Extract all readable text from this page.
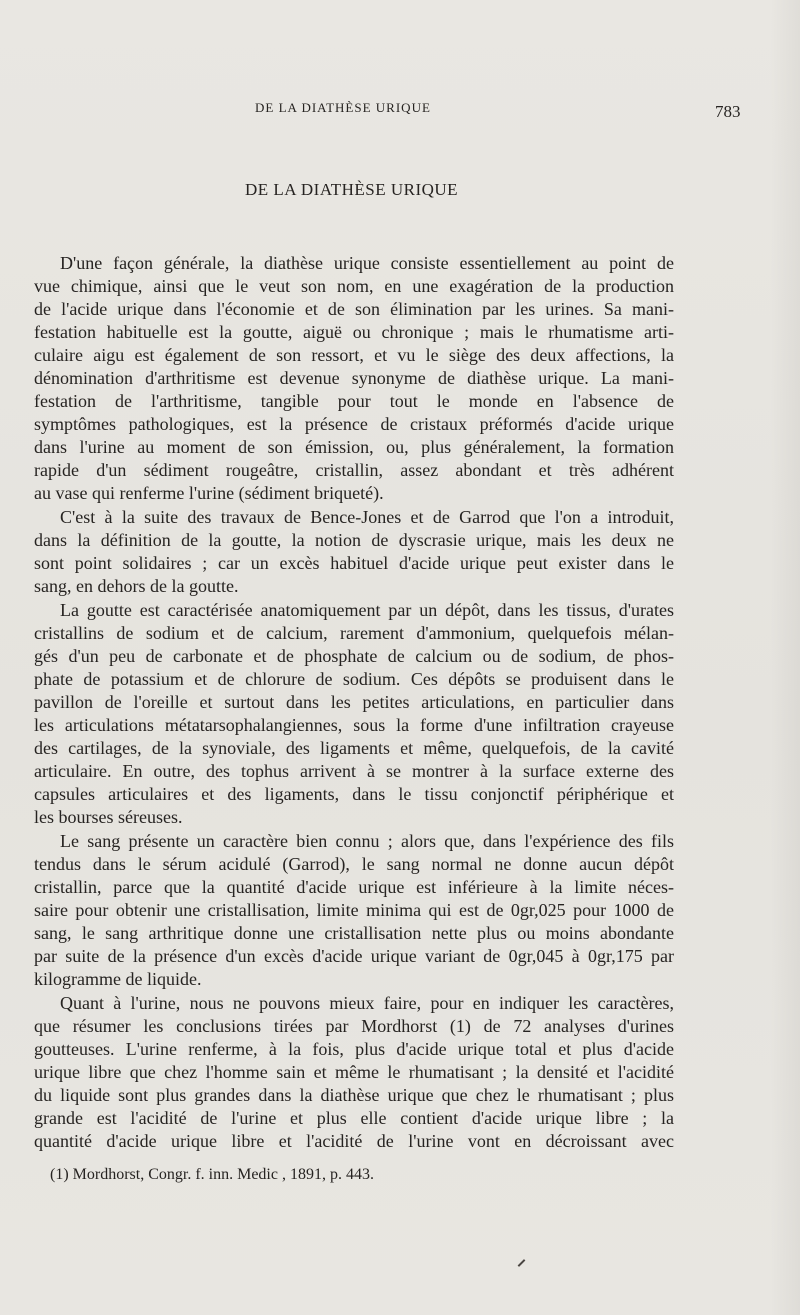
DE LA DIATHÈSE URIQUE	783
DE LA DIATHÈSE URIQUE

D'une façon générale, la diathèse urique consiste essentiellement au point de

vue chimique, ainsi que le veut son nom, en une exagération de la production

de l'acide urique dans l'économie et de son élimination par les urines. Sa mani-

festation habituelle est la goutte, aiguë ou chronique ; mais le rhumatisme arti-

culaire aigu est également de son ressort, et vu le siège des deux affections, la

dénomination d'arthritisme est devenue synonyme de diathèse urique. La mani-

festation de l'arthritisme, tangible pour tout le monde en l'absence de

symptômes pathologiques, est la présence de cristaux préformés d'acide urique

dans l'urine au moment de son émission, ou, plus généralement, la formation

rapide d'un sédiment rougeâtre, cristallin, assez abondant et très adhérent

au vase qui renferme l'urine (sédiment briqueté).

C'est à la suite des travaux de Bence-Jones et de Garrod que l'on a introduit,

dans la définition de la goutte, la notion de dyscrasie urique, mais les deux ne

sont point solidaires ; car un excès habituel d'acide urique peut exister dans le

sang, en dehors de la goutte.

La goutte est caractérisée anatomiquement par un dépôt, dans les tissus, d'urates

cristallins de sodium et de calcium, rarement d'ammonium, quelquefois mélan-

gés d'un peu de carbonate et de phosphate de calcium ou de sodium, de phos-

phate de potassium et de chlorure de sodium. Ces dépôts se produisent dans le

pavillon de l'oreille et surtout dans les petites articulations, en particulier dans

les articulations métatarsophalangiennes, sous la forme d'une infiltration crayeuse

des cartilages, de la synoviale, des ligaments et même, quelquefois, de la cavité

articulaire. En outre, des tophus arrivent à se montrer à la surface externe des

capsules articulaires et des ligaments, dans le tissu conjonctif périphérique et

les bourses séreuses.

Le sang présente un caractère bien connu ; alors que, dans l'expérience des fils

tendus dans le sérum acidulé (Garrod), le sang normal ne donne aucun dépôt

cristallin, parce que la quantité d'acide urique est inférieure à la limite néces-

saire pour obtenir une cristallisation, limite minima qui est de 0gr,025 pour 1000 de

sang, le sang arthritique donne une cristallisation nette plus ou moins abondante

par suite de la présence d'un excès d'acide urique variant de 0gr,045 à 0gr,175 par

kilogramme de liquide.

Quant à l'urine, nous ne pouvons mieux faire, pour en indiquer les caractères,

que résumer les conclusions tirées par Mordhorst (1) de 72 analyses d'urines

goutteuses. L'urine renferme, à la fois, plus d'acide urique total et plus d'acide

urique libre que chez l'homme sain et même le rhumatisant ; la densité et l'acidité

du liquide sont plus grandes dans la diathèse urique que chez le rhumatisant ; plus

grande est l'acidité de l'urine et plus elle contient d'acide urique libre ; la

quantité d'acide urique libre et l'acidité de l'urine vont en décroissant avec

(1) Mordhorst, Congr. f. inn. Medic , 1891, p. 443.
